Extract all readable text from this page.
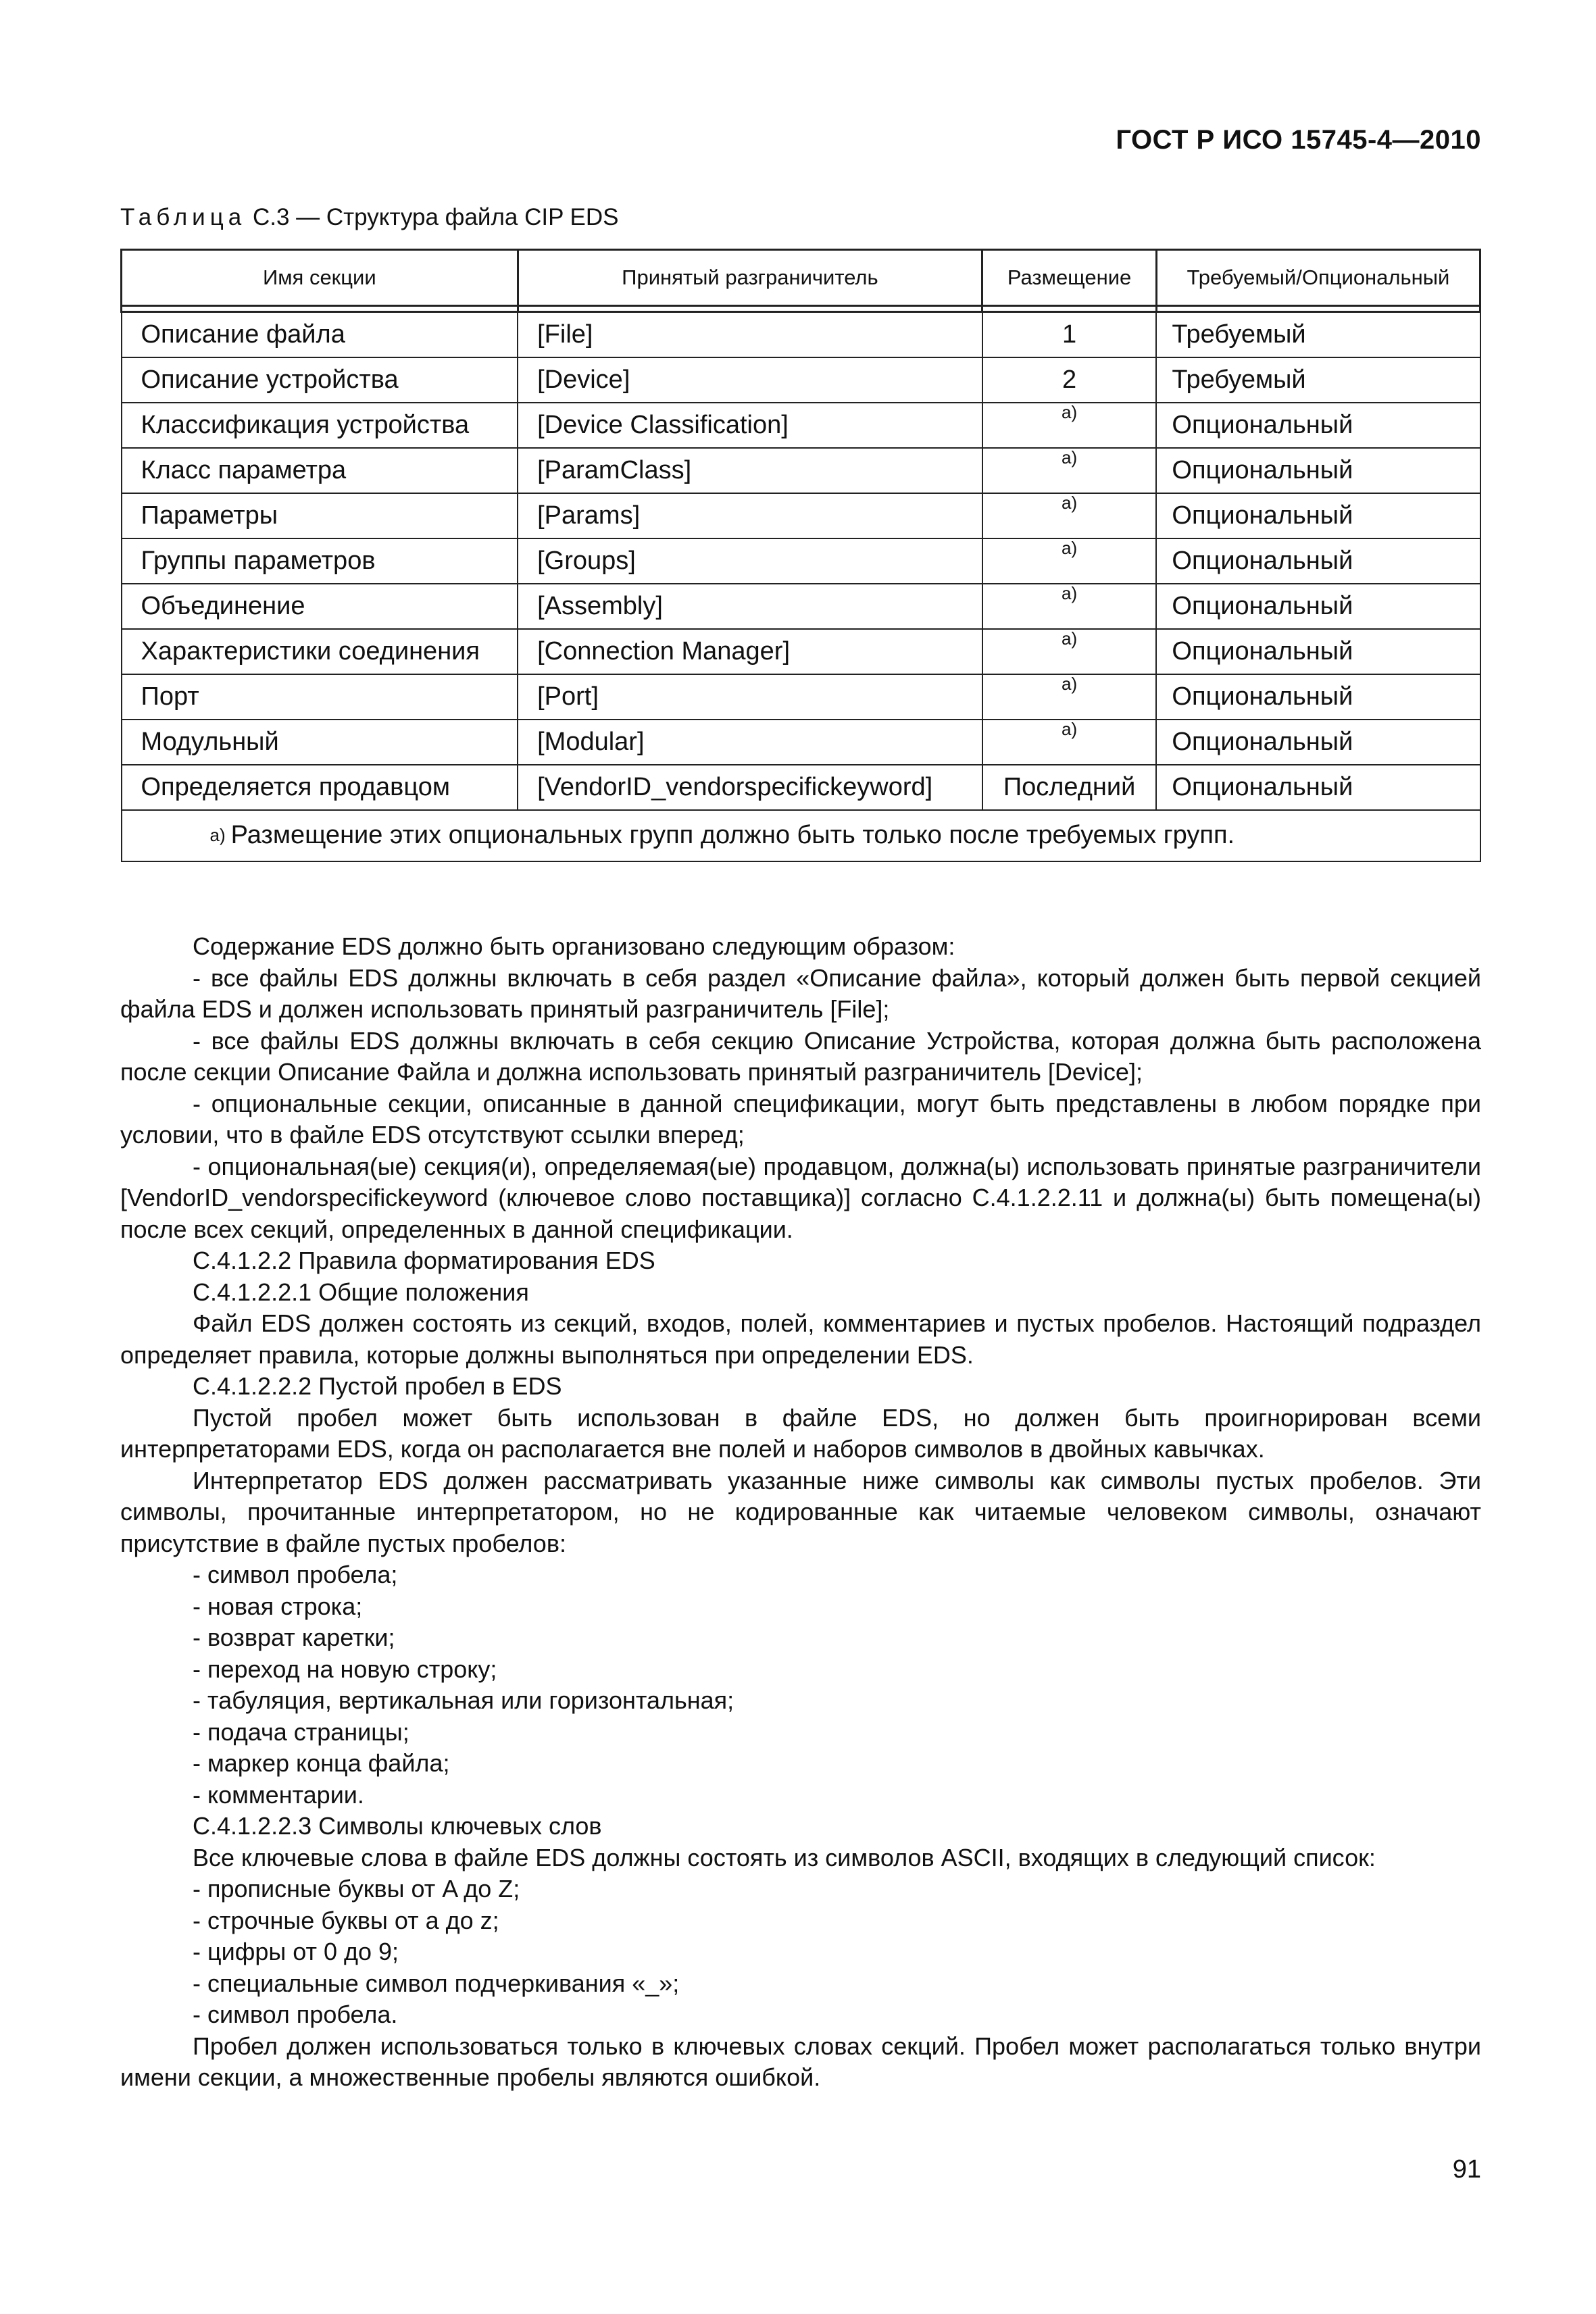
ГОСТ Р ИСО 15745-4—2010
Таблица С.3 — Структура файла CIP EDS
Имя секции	Принятый разграничитель	Размещение	Требуемый/Опциональный

Описание файла	[File]	1	Требуемый
Описание устройства	[Device]	2	Требуемый
Классификация устройства	[Device Classification]	$^{a)}$	Опциональный
Класс параметра	[ParamClass]	$^{a)}$	Опциональный
Параметры	[Params]	$^{a)}$	Опциональный
Группы параметров	[Groups]	$^{a)}$	Опциональный
Объединение	[Assembly]	$^{a)}$	Опциональный
Характеристики соединения	[Connection Manager]	$^{a)}$	Опциональный
Порт	[Port]	$^{a)}$	Опциональный
Модульный	[Modular]	$^{a)}$	Опциональный
Определяется продавцом	[VendorID_vendorspecifickeyword]	Последний	Опциональный
$^{a)}$ Размещение этих опциональных групп должно быть только после требуемых групп.			

Содержание EDS должно быть организовано следующим образом:

- все файлы EDS должны включать в себя раздел «Описание файла», который должен быть первой секцией файла EDS и должен использовать принятый разграничитель [File];

- все файлы EDS должны включать в себя секцию Описание Устройства, которая должна быть расположена после секции Описание Файла и должна использовать принятый разграничитель [Device];

- опциональные секции, описанные в данной спецификации, могут быть представлены в любом порядке при условии, что в файле EDS отсутствуют ссылки вперед;

- опциональная(ые) секция(и), определяемая(ые) продавцом, должна(ы) использовать принятые разграничители [VendorID_vendorspecifickeyword (ключевое слово поставщика)] согласно С.4.1.2.2.11 и должна(ы) быть помещена(ы) после всех секций, определенных в данной спецификации.

С.4.1.2.2 Правила форматирования EDS

С.4.1.2.2.1 Общие положения

Файл EDS должен состоять из секций, входов, полей, комментариев и пустых пробелов. Настоящий подраздел определяет правила, которые должны выполняться при определении EDS.

С.4.1.2.2.2 Пустой пробел в EDS

Пустой пробел может быть использован в файле EDS, но должен быть проигнорирован всеми интерпретаторами EDS, когда он располагается вне полей и наборов символов в двойных кавычках.

Интерпретатор EDS должен рассматривать указанные ниже символы как символы пустых пробелов. Эти символы, прочитанные интерпретатором, но не кодированные как читаемые человеком символы, означают присутствие в файле пустых пробелов:

- символ пробела;

- новая строка;

- возврат каретки;

- переход на новую строку;

- табуляция, вертикальная или горизонтальная;

- подача страницы;

- маркер конца файла;

- комментарии.

С.4.1.2.2.3 Символы ключевых слов

Все ключевые слова в файле EDS должны состоять из символов ASCII, входящих в следующий список:

- прописные буквы от A до Z;

- строчные буквы от a до z;

- цифры от 0 до 9;

- специальные символ подчеркивания «_»;

- символ пробела.

Пробел должен использоваться только в ключевых словах секций. Пробел может располагаться только внутри имени секции, а множественные пробелы являются ошибкой.

91
